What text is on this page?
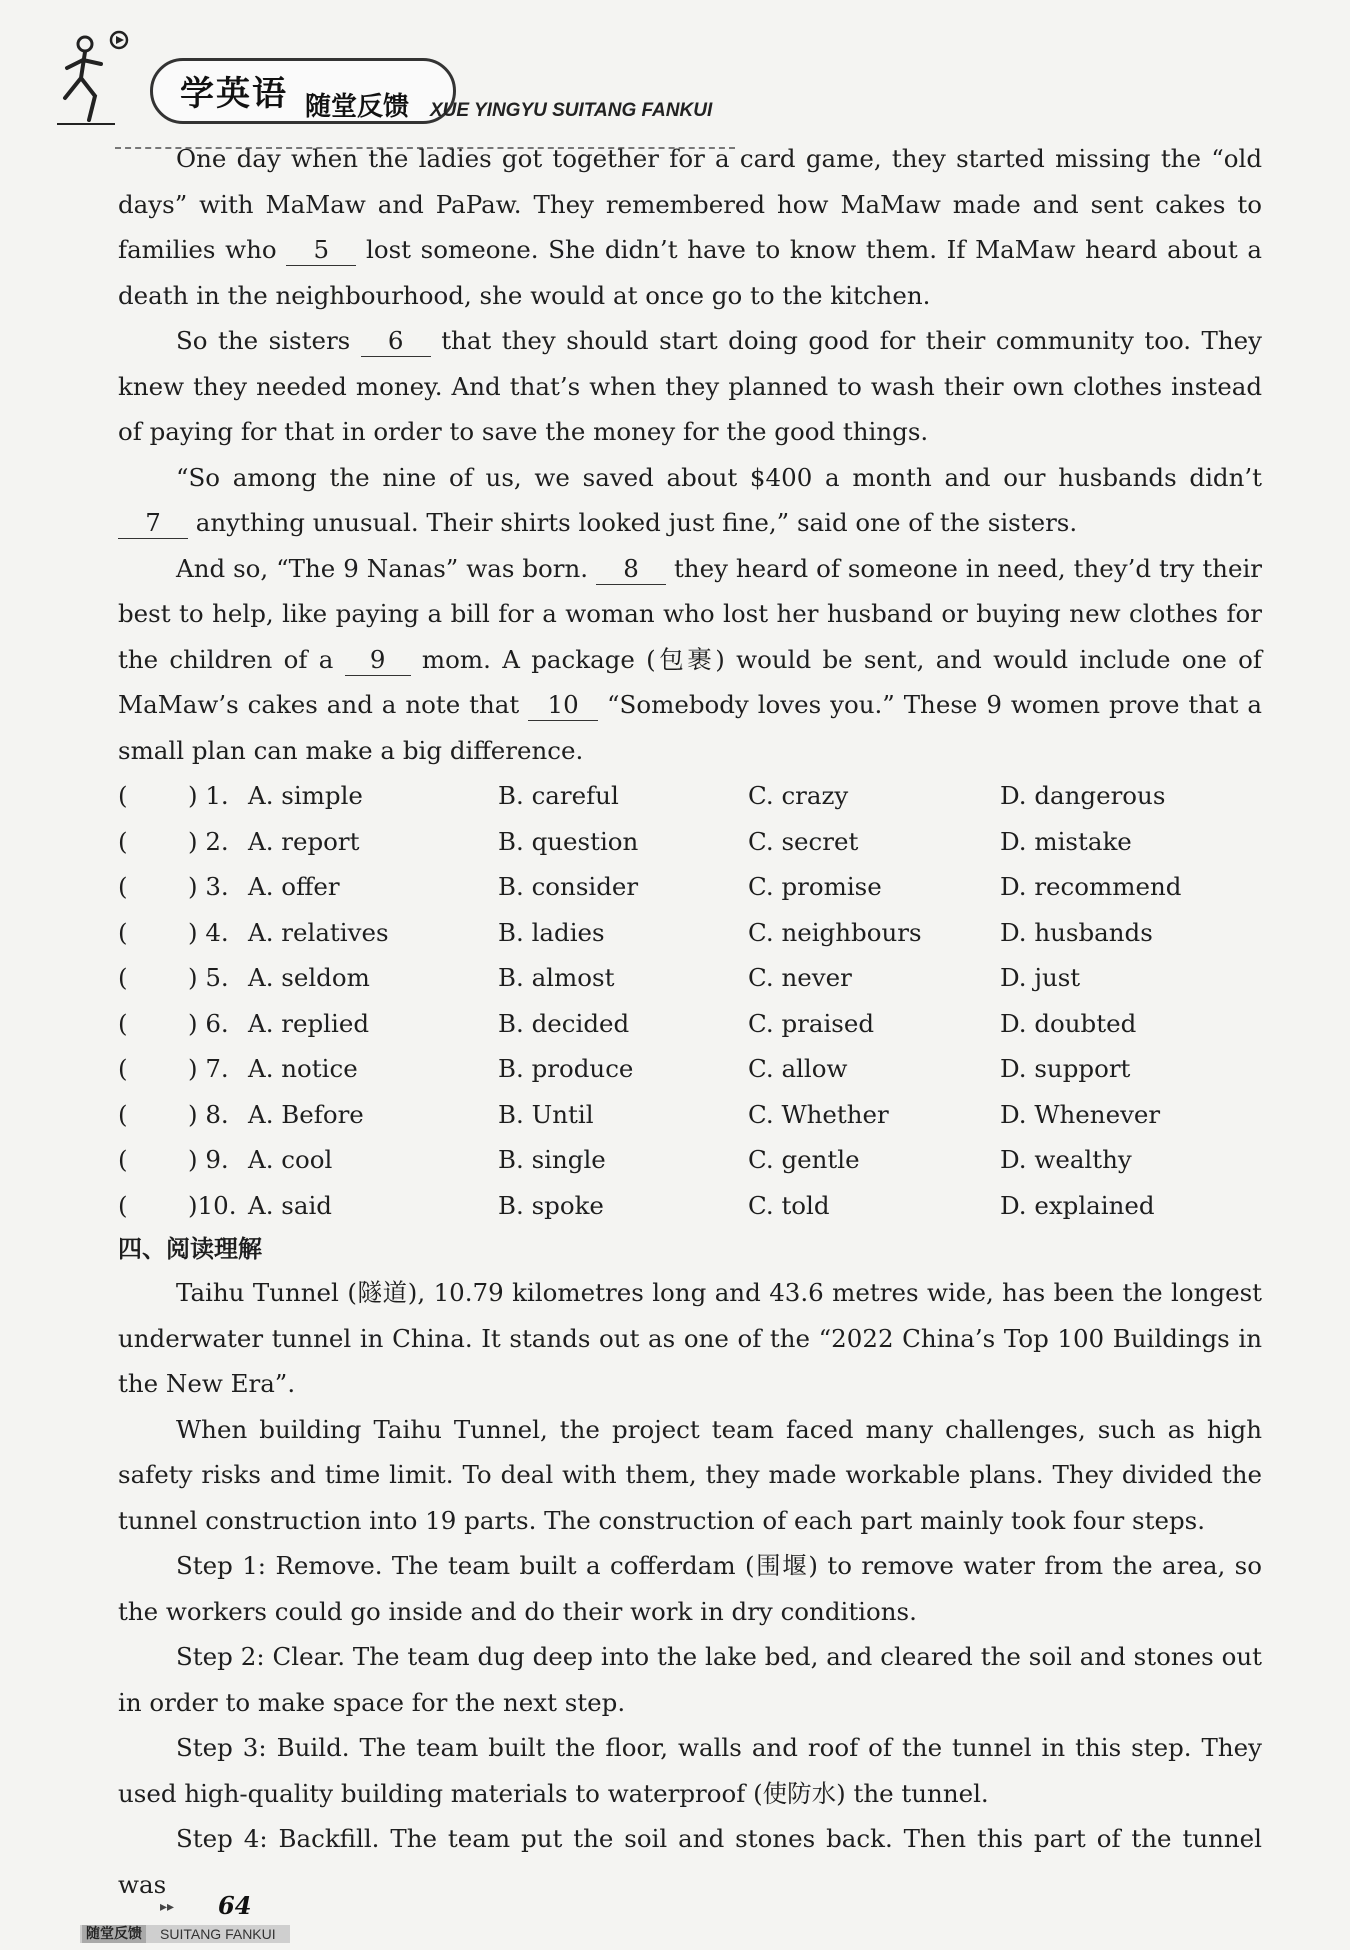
学英语 随堂反馈 XUE YINGYU SUITANG FANKUI

One day when the ladies got together for a card game, they started missing the “old days” with MaMaw and PaPaw. They remembered how MaMaw made and sent cakes to families who 5 lost someone. She didn’t have to know them. If MaMaw heard about a death in the neighbourhood, she would at once go to the kitchen.

So the sisters 6 that they should start doing good for their community too. They knew they needed money. And that’s when they planned to wash their own clothes instead of paying for that in order to save the money for the good things.

“So among the nine of us, we saved about $400 a month and our husbands didn’t 7 anything unusual. Their shirts looked just fine,” said one of the sisters.

And so, “The 9 Nanas” was born. 8 they heard of someone in need, they’d try their best to help, like paying a bill for a woman who lost her husband or buying new clothes for the children of a 9 mom. A package (包裹) would be sent, and would include one of MaMaw’s cakes and a note that 10 “Somebody loves you.” These 9 women prove that a small plan can make a big difference.

( ) 1. A. simple	B. careful	C. crazy	D. dangerous
( ) 2. A. report	B. question	C. secret	D. mistake
( ) 3. A. offer	B. consider	C. promise	D. recommend
( ) 4. A. relatives	B. ladies	C. neighbours	D. husbands
( ) 5. A. seldom	B. almost	C. never	D. just
( ) 6. A. replied	B. decided	C. praised	D. doubted
( ) 7. A. notice	B. produce	C. allow	D. support
( ) 8. A. Before	B. Until	C. Whether	D. Whenever
( ) 9. A. cool	B. single	C. gentle	D. wealthy
( )10. A. said	B. spoke	C. told	D. explained

四、阅读理解

Taihu Tunnel (隧道), 10.79 kilometres long and 43.6 metres wide, has been the longest underwater tunnel in China. It stands out as one of the “2022 China’s Top 100 Buildings in the New Era”.

When building Taihu Tunnel, the project team faced many challenges, such as high safety risks and time limit. To deal with them, they made workable plans. They divided the tunnel construction into 19 parts. The construction of each part mainly took four steps.

Step 1: Remove. The team built a cofferdam (围堰) to remove water from the area, so the workers could go inside and do their work in dry conditions.

Step 2: Clear. The team dug deep into the lake bed, and cleared the soil and stones out in order to make space for the next step.

Step 3: Build. The team built the floor, walls and roof of the tunnel in this step. They used high-quality building materials to waterproof (使防水) the tunnel.

Step 4: Backfill. The team put the soil and stones back. Then this part of the tunnel was

▸▸ 64
随堂反馈 SUITANG FANKUI
